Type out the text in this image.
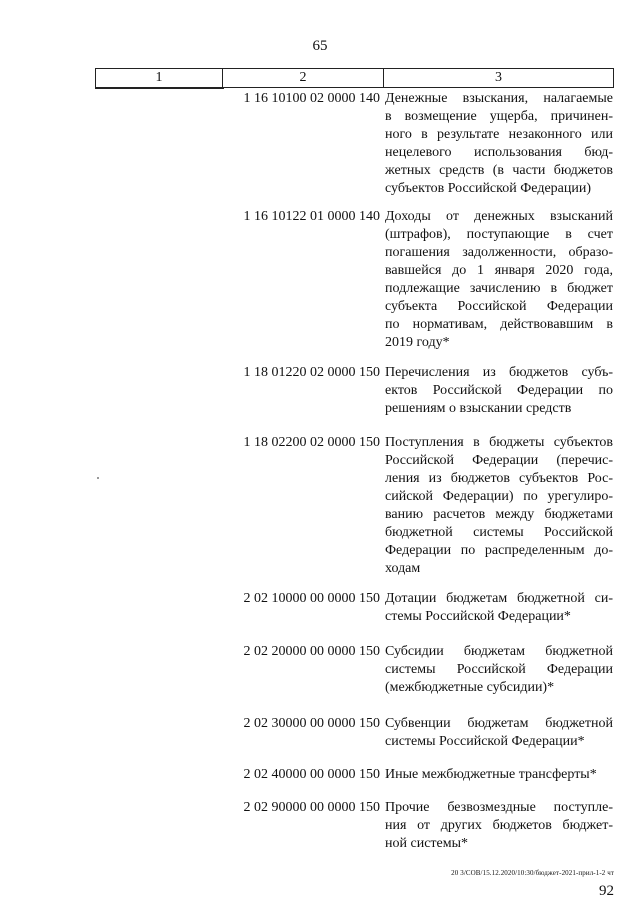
65
1	2	3
1 16 10100 02 0000 140 Денежные взыскания, налагаемые
в возмещение ущерба, причинен-
ного в результате незаконного или
нецелевого использования бюд-
жетных средств (в части бюджетов
субъектов Российской Федерации)
1 16 10122 01 0000 140 Доходы от денежных взысканий
(штрафов), поступающие в счет
погашения задолженности, образо-
вавшейся до 1 января 2020 года,
подлежащие зачислению в бюджет
субъекта Российской Федерации
по нормативам, действовавшим в
2019 году*
1 18 01220 02 0000 150 Перечисления из бюджетов субъ-
ектов Российской Федерации по
решениям о взыскании средств
1 18 02200 02 0000 150 Поступления в бюджеты субъектов
Российской Федерации (перечис-
ления из бюджетов субъектов Рос-
сийской Федерации) по урегулиро-
ванию расчетов между бюджетами
бюджетной системы Российской
Федерации по распределенным до-
ходам
2 02 10000 00 0000 150 Дотации бюджетам бюджетной си-
стемы Российской Федерации*
2 02 20000 00 0000 150 Субсидии бюджетам бюджетной
системы Российской Федерации
(межбюджетные субсидии)*
2 02 30000 00 0000 150 Субвенции бюджетам бюджетной
системы Российской Федерации*
2 02 40000 00 0000 150 Иные межбюджетные трансферты*
2 02 90000 00 0000 150 Прочие безвозмездные поступле-
ния от других бюджетов бюджет-
ной системы*
20 3/СОВ/15.12.2020/10:30/бюджет-2021-прил-1-2 чт
92
